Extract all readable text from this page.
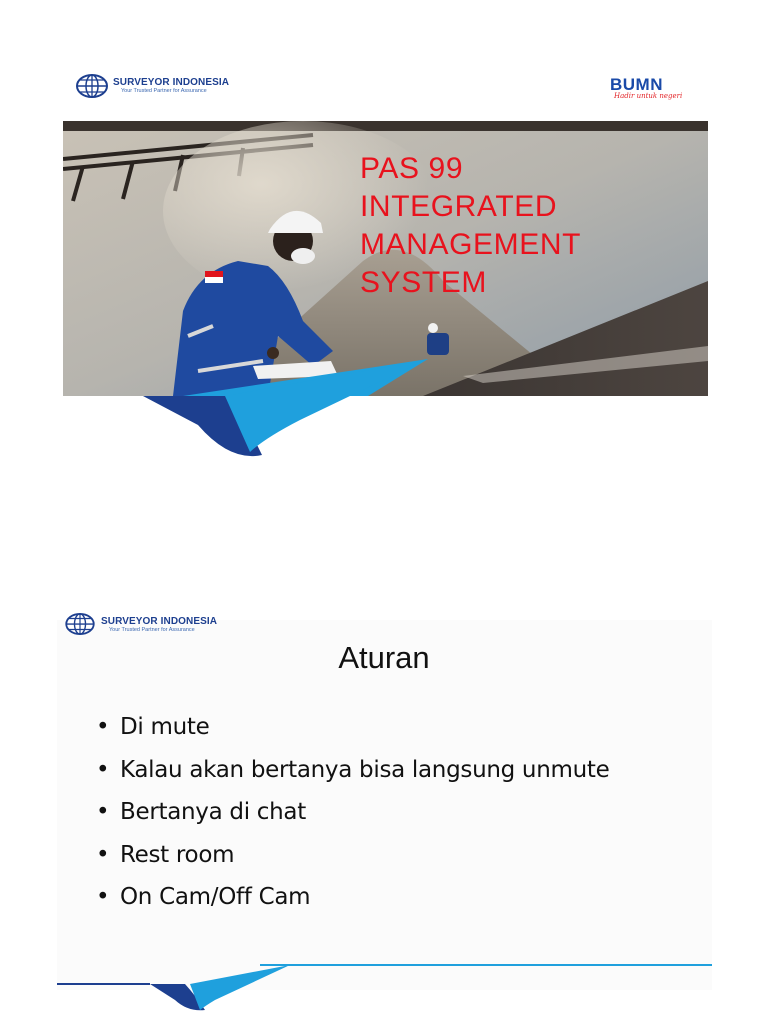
SURVEYOR INDONESIA
Your Trusted Partner for Assurance	BUMN
Hadir untuk negeri
PAS 99
INTEGRATED
MANAGEMENT
SYSTEM
SURVEYOR INDONESIA
Your Trusted Partner for Assurance
Aturan
• Di mute
• Kalau akan bertanya bisa langsung unmute
• Bertanya di chat
• Rest room
• On Cam/Off Cam
